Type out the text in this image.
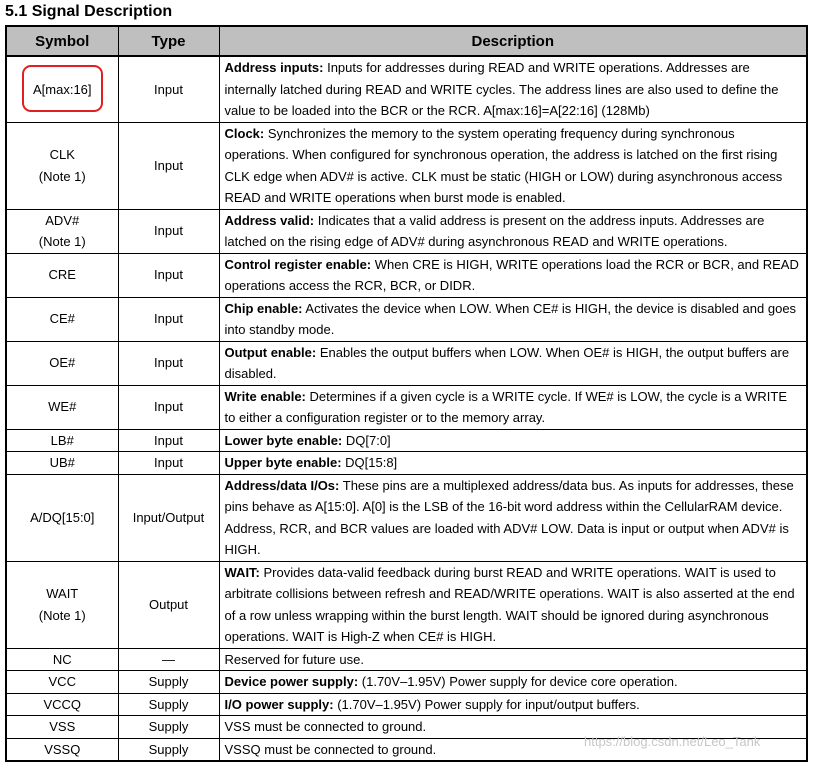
5.1 Signal Description
Symbol	Type	Description
A[max:16]	Input	Address inputs: Inputs for addresses during READ and WRITE operations. Addresses are internally latched during READ and WRITE cycles. The address lines are also used to define the value to be loaded into the BCR or the RCR. A[max:16]=A[22:16] (128Mb)
CLK
(Note 1)	Input	Clock: Synchronizes the memory to the system operating frequency during synchronous operations. When configured for synchronous operation, the address is latched on the first rising CLK edge when ADV# is active. CLK must be static (HIGH or LOW) during asynchronous access READ and WRITE operations when burst mode is enabled.
ADV#
(Note 1)	Input	Address valid: Indicates that a valid address is present on the address inputs. Addresses are latched on the rising edge of ADV# during asynchronous READ and WRITE operations.
CRE	Input	Control register enable: When CRE is HIGH, WRITE operations load the RCR or BCR, and READ operations access the RCR, BCR, or DIDR.
CE#	Input	Chip enable: Activates the device when LOW. When CE# is HIGH, the device is disabled and goes into standby mode.
OE#	Input	Output enable: Enables the output buffers when LOW. When OE# is HIGH, the output buffers are disabled.
WE#	Input	Write enable: Determines if a given cycle is a WRITE cycle. If WE# is LOW, the cycle is a WRITE to either a configuration register or to the memory array.
LB#	Input	Lower byte enable: DQ[7:0]
UB#	Input	Upper byte enable: DQ[15:8]
A/DQ[15:0]	Input/Output	Address/data I/Os: These pins are a multiplexed address/data bus. As inputs for addresses, these pins behave as A[15:0]. A[0] is the LSB of the 16-bit word address within the CellularRAM device. Address, RCR, and BCR values are loaded with ADV# LOW. Data is input or output when ADV# is HIGH.
WAIT
(Note 1)	Output	WAIT: Provides data-valid feedback during burst READ and WRITE operations. WAIT is used to arbitrate collisions between refresh and READ/WRITE operations. WAIT is also asserted at the end of a row unless wrapping within the burst length. WAIT should be ignored during asynchronous operations. WAIT is High-Z when CE# is HIGH.
NC	—	Reserved for future use.
VCC	Supply	Device power supply: (1.70V–1.95V) Power supply for device core operation.
VCCQ	Supply	I/O power supply: (1.70V–1.95V) Power supply for input/output buffers.
VSS	Supply	VSS must be connected to ground.
VSSQ	Supply	VSSQ must be connected to ground.	https://blog.csdn.net/Leo_Tank
